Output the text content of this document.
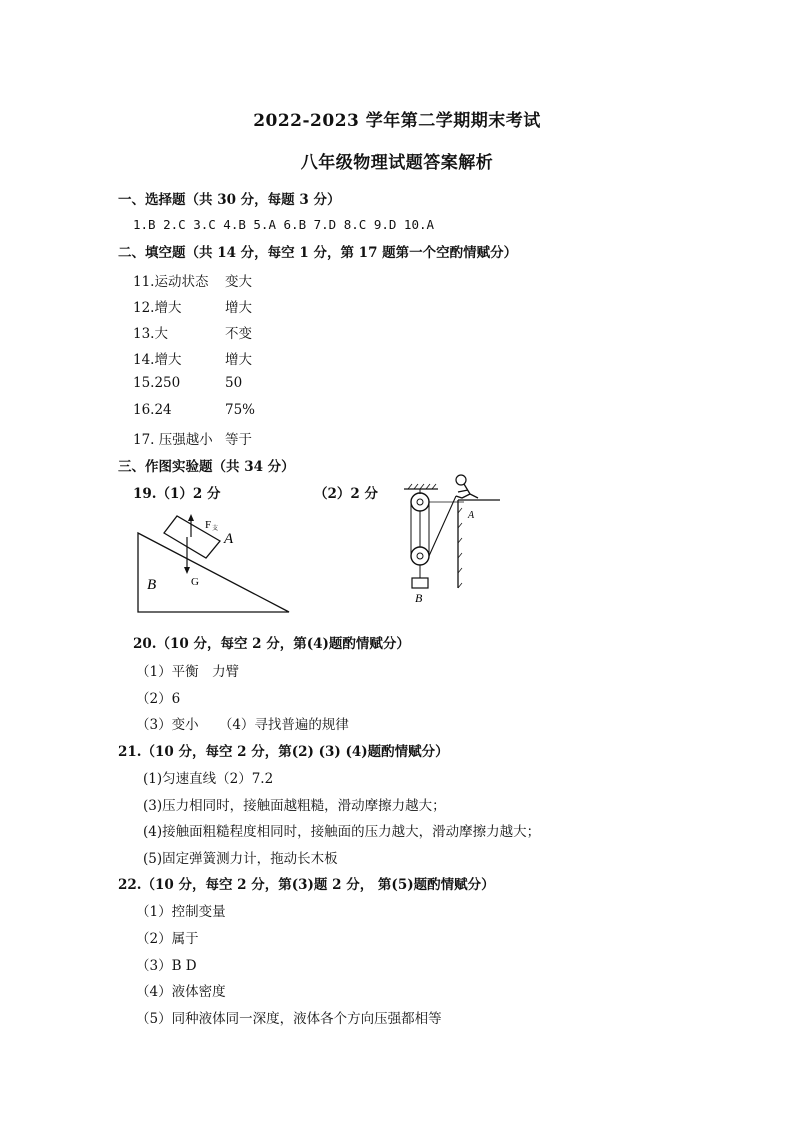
2022-2023 学年第二学期期末考试
八年级物理试题答案解析
一、选择题（共 30 分，每题 3 分）
1.B 2.C 3.C 4.B 5.A 6.B 7.D 8.C 9.D 10.A
二、填空题（共 14 分，每空 1 分，第 17 题第一个空酌情赋分）
11.运动状态 变大
12.增大	增大
13.大	不变
14.增大	增大
15.250	50
16.24	75%
17. 压强越小 等于
三、作图实验题（共 34 分）
19.（1）2 分	（2）2 分
F 支
G
A
B
B
A
20.（10 分，每空 2 分，第(4)题酌情赋分）
（1）平衡　力臂
（2）6
（3）变小　　（4）寻找普遍的规律
21.（10 分，每空 2 分，第(2) (3) (4)题酌情赋分）
(1)匀速直线（2）7.2
(3)压力相同时，接触面越粗糙，滑动摩擦力越大；
(4)接触面粗糙程度相同时，接触面的压力越大，滑动摩擦力越大；
(5)固定弹簧测力计，拖动长木板
22.（10 分，每空 2 分，第(3)题 2 分， 第(5)题酌情赋分）
（1）控制变量
（2）属于
（3）B D
（4）液体密度
（5）同种液体同一深度，液体各个方向压强都相等
